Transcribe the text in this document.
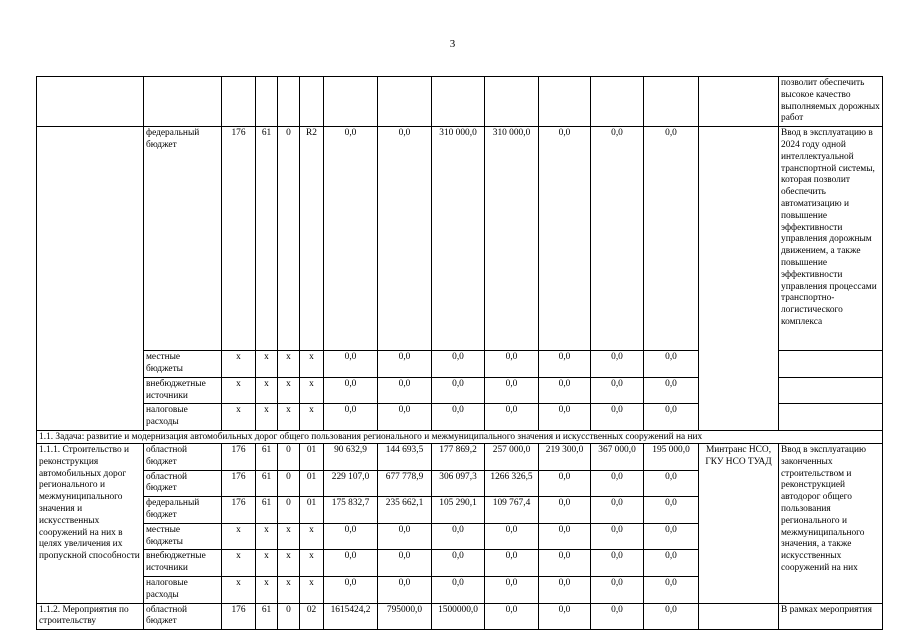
3
														позволит обеспечить высокое качество выполняемых дорожных работ
	федеральный бюджет	176	61	0	R2	0,0	0,0	310 000,0	310 000,0	0,0	0,0	0,0		Ввод в эксплуатацию в 2024 году одной интеллектуальной транспортной системы, которая позволит обеспечить автоматизацию и повышение эффективности управления дорожным движением, а также повышение эффективности управления процессами транспортно-логистического комплекса
	местные бюджеты	x	x	x	x	0,0	0,0	0,0	0,0	0,0	0,0	0,0		
	внебюджетные источники	x	x	x	x	0,0	0,0	0,0	0,0	0,0	0,0	0,0		
	налоговые расходы	x	x	x	x	0,0	0,0	0,0	0,0	0,0	0,0	0,0		
1.1. Задача: развитие и модернизация автомобильных дорог общего пользования регионального и межмуниципального значения и искусственных сооружений на них														
1.1.1. Строительство и реконструкция автомобильных дорог регионального и межмуниципального значения и искусственных сооружений на них в целях увеличения их пропускной способности	областной бюджет	176	61	0	01	90 632,9	144 693,5	177 869,2	257 000,0	219 300,0	367 000,0	195 000,0	Минтранс НСО, ГКУ НСО ТУАД	Ввод в эксплуатацию законченных строительством и реконструкцией автодорог общего пользования регионального и межмуниципального значения, а также искусственных сооружений на них
	областной бюджет	176	61	0	01	229 107,0	677 778,9	306 097,3	1266 326,5	0,0	0,0	0,0		
	федеральный бюджет	176	61	0	01	175 832,7	235 662,1	105 290,1	109 767,4	0,0	0,0	0,0		
	местные бюджеты	x	x	x	x	0,0	0,0	0,0	0,0	0,0	0,0	0,0		
	внебюджетные источники	x	x	x	x	0,0	0,0	0,0	0,0	0,0	0,0	0,0		
	налоговые расходы	x	x	x	x	0,0	0,0	0,0	0,0	0,0	0,0	0,0		
1.1.2. Мероприятия по строительству	областной бюджет	176	61	0	02	1615424,2	795000,0	1500000,0	0,0	0,0	0,0	0,0		В рамках мероприятия
